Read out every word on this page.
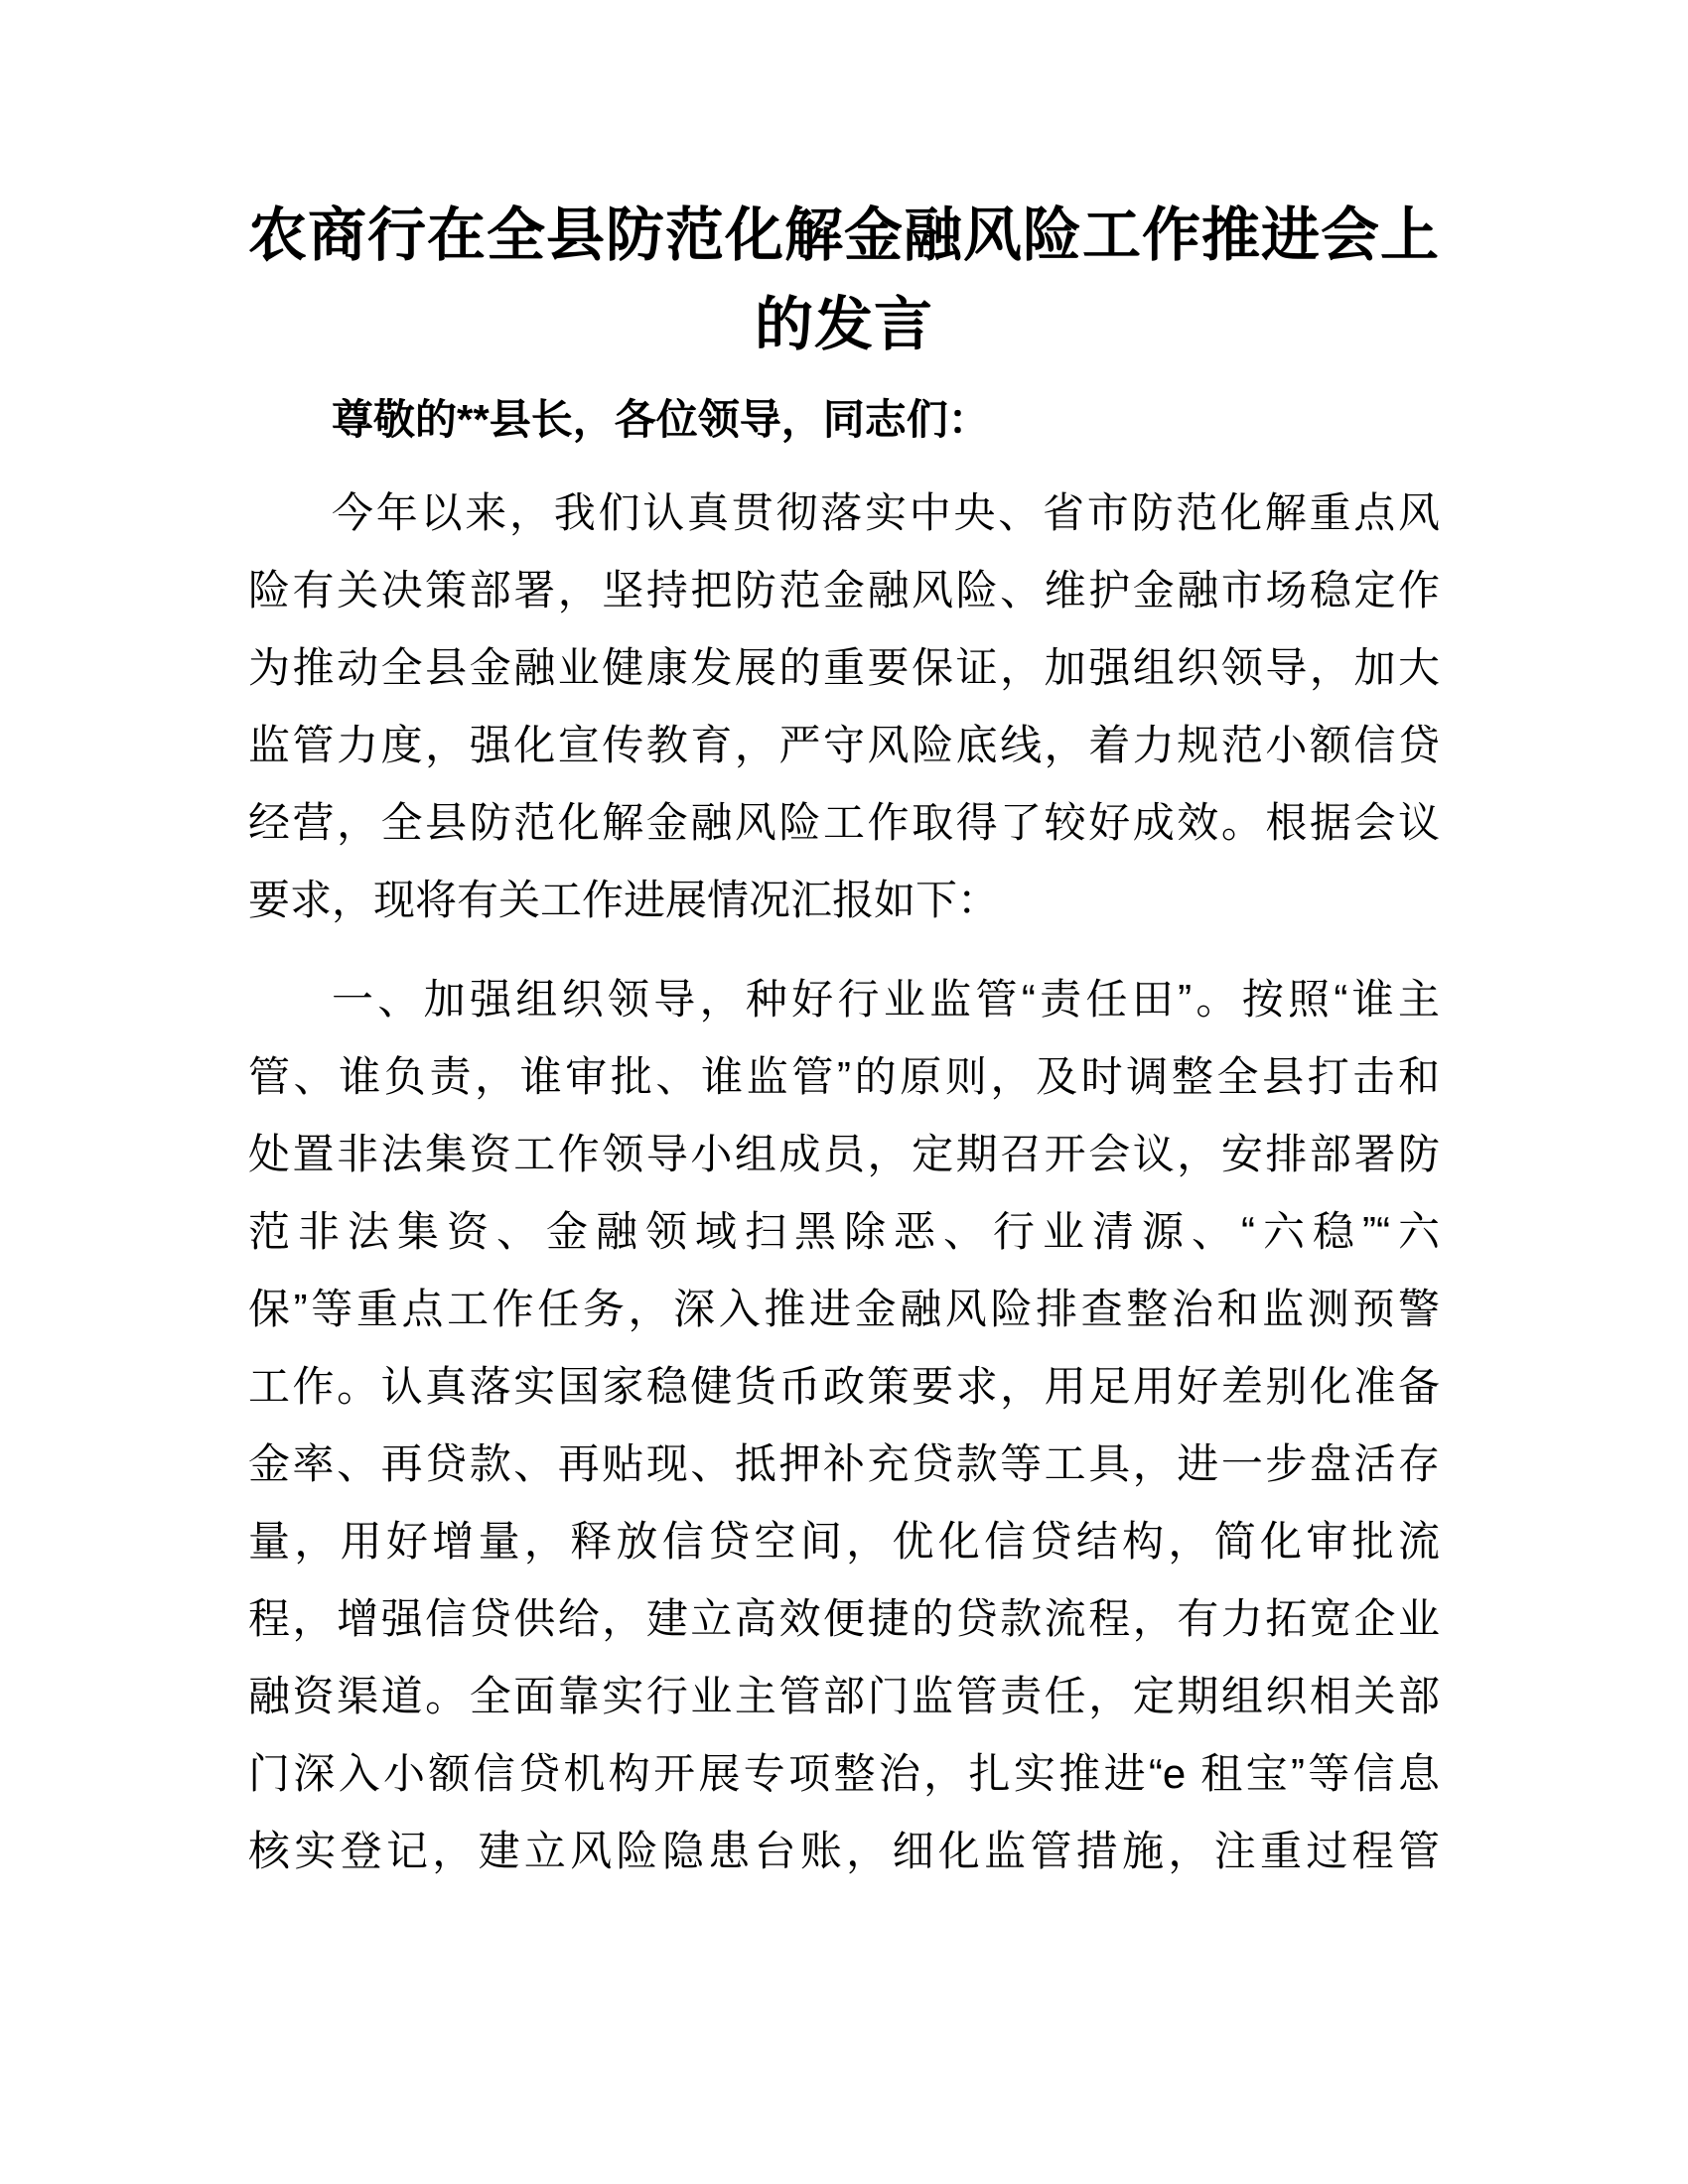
农商行在全县防范化解金融风险工作推进会上
的发言

尊敬的**县长，各位领导，同志们：

今年以来，我们认真贯彻落实中央、省市防范化解重点风
险有关决策部署，坚持把防范金融风险、维护金融市场稳定作
为推动全县金融业健康发展的重要保证，加强组织领导，加大
监管力度，强化宣传教育，严守风险底线，着力规范小额信贷
经营，全县防范化解金融风险工作取得了较好成效。根据会议
要求，现将有关工作进展情况汇报如下：
一、加强组织领导，种好行业监管“责任田”。按照“谁主
管、谁负责，谁审批、谁监管”的原则，及时调整全县打击和
处置非法集资工作领导小组成员，定期召开会议，安排部署防
范非法集资、金融领域扫黑除恶、行业清源、“六稳”“六
保”等重点工作任务，深入推进金融风险排查整治和监测预警
工作。认真落实国家稳健货币政策要求，用足用好差别化准备
金率、再贷款、再贴现、抵押补充贷款等工具，进一步盘活存
量，用好增量，释放信贷空间，优化信贷结构，简化审批流
程，增强信贷供给，建立高效便捷的贷款流程，有力拓宽企业
融资渠道。全面靠实行业主管部门监管责任，定期组织相关部
门深入小额信贷机构开展专项整治，扎实推进“e 租宝”等信息
核实登记，建立风险隐患台账，细化监管措施，注重过程管
